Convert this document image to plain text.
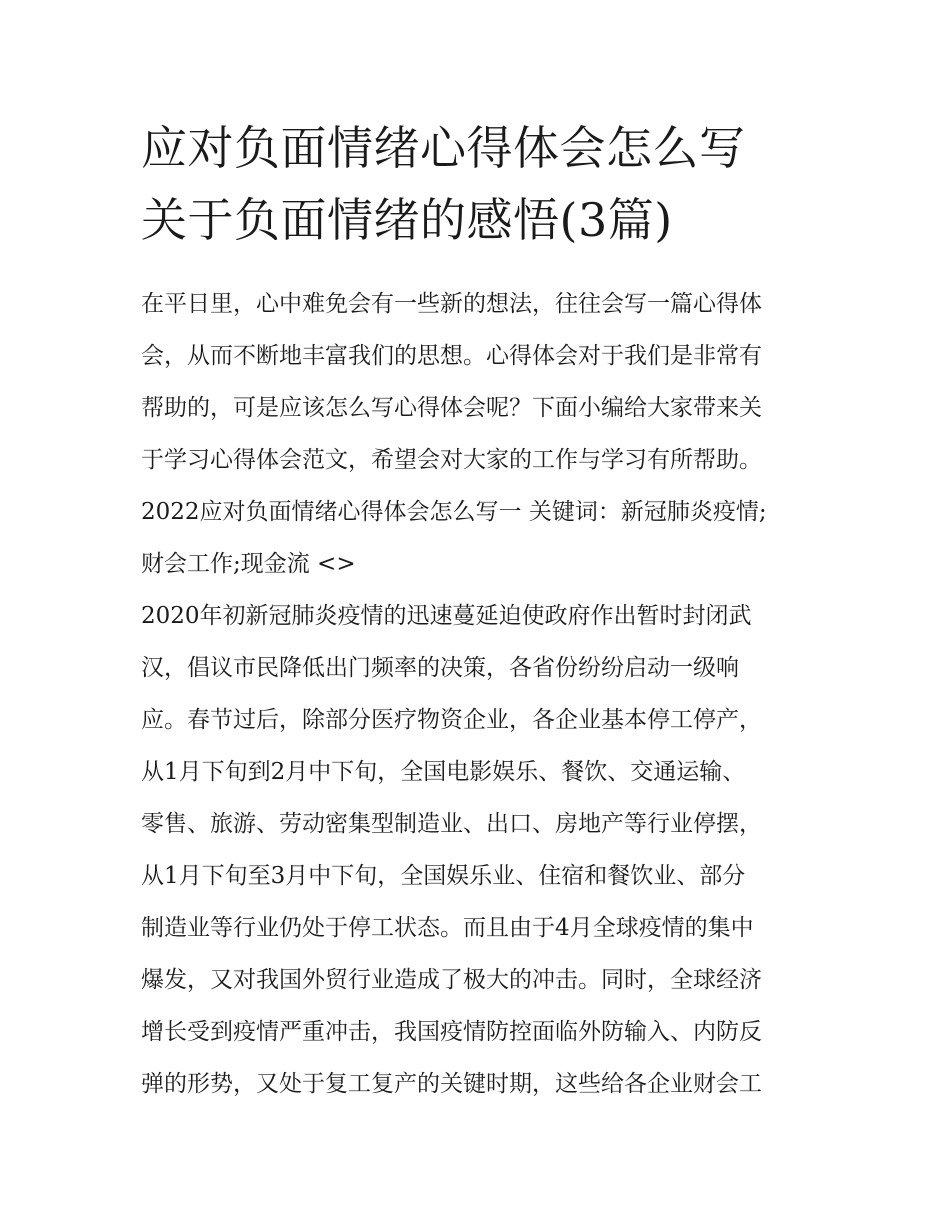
应对负面情绪心得体会怎么写
关于负面情绪的感悟(3篇)
在平日里，心中难免会有一些新的想法，往往会写一篇心得体
会，从而不断地丰富我们的思想。心得体会对于我们是非常有
帮助的，可是应该怎么写心得体会呢？下面小编给大家带来关
于学习心得体会范文，希望会对大家的工作与学习有所帮助。
2022应对负面情绪心得体会怎么写一 关键词：新冠肺炎疫情;
财会工作;现金流 <>
2020年初新冠肺炎疫情的迅速蔓延迫使政府作出暂时封闭武
汉，倡议市民降低出门频率的决策，各省份纷纷启动一级响
应。春节过后，除部分医疗物资企业，各企业基本停工停产，
从1月下旬到2月中下旬，全国电影娱乐、餐饮、交通运输、
零售、旅游、劳动密集型制造业、出口、房地产等行业停摆，
从1月下旬至3月中下旬，全国娱乐业、住宿和餐饮业、部分
制造业等行业仍处于停工状态。而且由于4月全球疫情的集中
爆发，又对我国外贸行业造成了极大的冲击。同时，全球经济
增长受到疫情严重冲击，我国疫情防控面临外防输入、内防反
弹的形势，又处于复工复产的关键时期，这些给各企业财会工
